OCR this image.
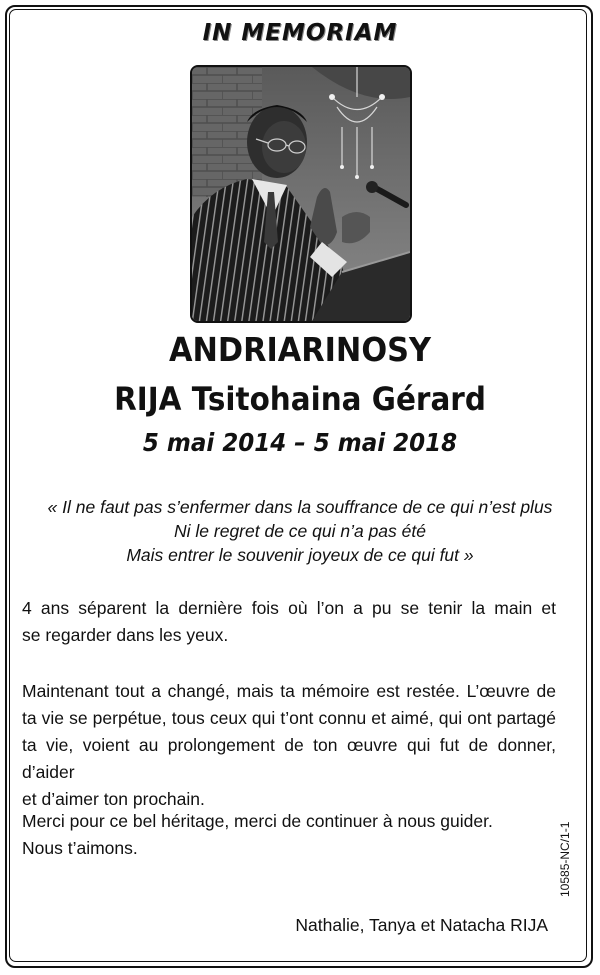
IN MEMORIAM
ANDRIARINOSY
RIJA Tsitohaina Gérard
5 mai 2014 – 5 mai 2018
« Il ne faut pas s’enfermer dans la souffrance de ce qui n’est plus
Ni le regret de ce qui n’a pas été
Mais entrer le souvenir joyeux de ce qui fut »
4 ans séparent la dernière fois où l’on a pu se tenir la main et
se regarder dans les yeux.
Maintenant tout a changé, mais ta mémoire est restée. L’œuvre de
ta vie se perpétue, tous ceux qui t’ont connu et aimé, qui ont partagé
ta vie, voient au prolongement de ton œuvre qui fut de donner, d’aider
et d’aimer ton prochain.
Merci pour ce bel héritage, merci de continuer à nous guider.
Nous t’aimons.	10585-NC/1-1
Nathalie, Tanya et Natacha RIJA
